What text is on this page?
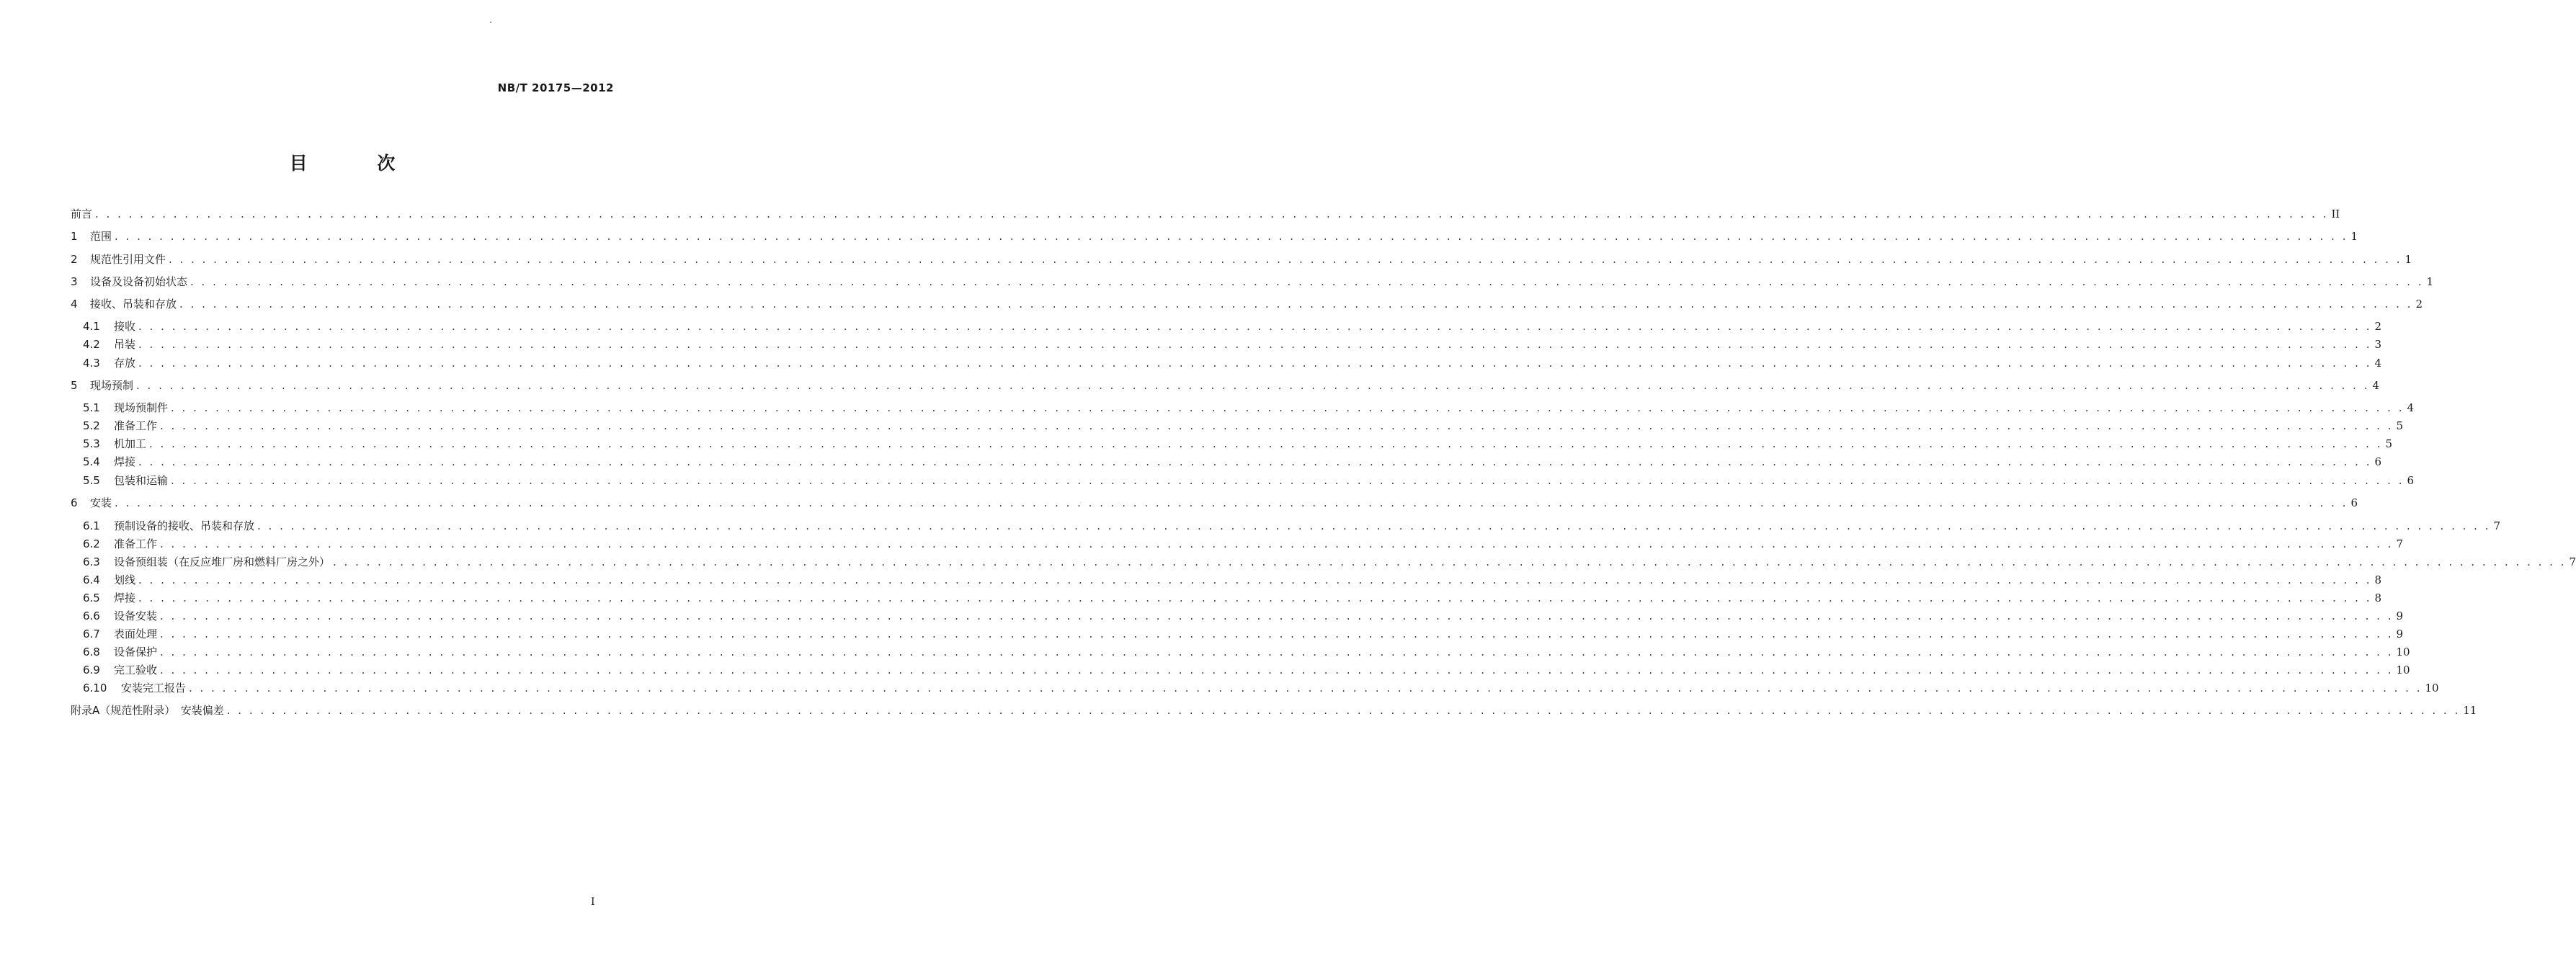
NB/T 20175—2012
目 次
前言 . . . . . . . . . . . . . . . . . . . . . . . . . . . . . . . . . . . . . . . . . . . . . . . . . . . . . . . . . . . . . . . . . . . . . . . . . . . . . . . . . . . . . . . . . . . . . . . . . . . . . . . . . . . . . . . . . . . . . . . . . . . . . . . . . . . . . . . . . . . . . . . . . . . . . . . . . . . . . . . . . . . . . . . . . . . . . . . . . . . . . . . . . . . . . . . . . . . . . . . . II
1	范围 . . . . . . . . . . . . . . . . . . . . . . . . . . . . . . . . . . . . . . . . . . . . . . . . . . . . . . . . . . . . . . . . . . . . . . . . . . . . . . . . . . . . . . . . . . . . . . . . . . . . . . . . . . . . . . . . . . . . . . . . . . . . . . . . . . . . . . . . . . . . . . . . . . . . . . . . . . . . . . . . . . . . . . . . . . . . . . . . . . . . . . . . . . . . . . . . . . . . . . . . 1
2	规范性引用文件 . . . . . . . . . . . . . . . . . . . . . . . . . . . . . . . . . . . . . . . . . . . . . . . . . . . . . . . . . . . . . . . . . . . . . . . . . . . . . . . . . . . . . . . . . . . . . . . . . . . . . . . . . . . . . . . . . . . . . . . . . . . . . . . . . . . . . . . . . . . . . . . . . . . . . . . . . . . . . . . . . . . . . . . . . . . . . . . . . . . . . . . . . . . . . . . . . . . . . . . . 1
3	设备及设备初始状态 . . . . . . . . . . . . . . . . . . . . . . . . . . . . . . . . . . . . . . . . . . . . . . . . . . . . . . . . . . . . . . . . . . . . . . . . . . . . . . . . . . . . . . . . . . . . . . . . . . . . . . . . . . . . . . . . . . . . . . . . . . . . . . . . . . . . . . . . . . . . . . . . . . . . . . . . . . . . . . . . . . . . . . . . . . . . . . . . . . . . . . . . . . . . . . . . . . . . . . . . 1
4	接收、吊装和存放 . . . . . . . . . . . . . . . . . . . . . . . . . . . . . . . . . . . . . . . . . . . . . . . . . . . . . . . . . . . . . . . . . . . . . . . . . . . . . . . . . . . . . . . . . . . . . . . . . . . . . . . . . . . . . . . . . . . . . . . . . . . . . . . . . . . . . . . . . . . . . . . . . . . . . . . . . . . . . . . . . . . . . . . . . . . . . . . . . . . . . . . . . . . . . . . . . . . . . . . . 2
4.1	接收 . . . . . . . . . . . . . . . . . . . . . . . . . . . . . . . . . . . . . . . . . . . . . . . . . . . . . . . . . . . . . . . . . . . . . . . . . . . . . . . . . . . . . . . . . . . . . . . . . . . . . . . . . . . . . . . . . . . . . . . . . . . . . . . . . . . . . . . . . . . . . . . . . . . . . . . . . . . . . . . . . . . . . . . . . . . . . . . . . . . . . . . . . . . . . . . . . . . . . . . . 2
4.2	吊装 . . . . . . . . . . . . . . . . . . . . . . . . . . . . . . . . . . . . . . . . . . . . . . . . . . . . . . . . . . . . . . . . . . . . . . . . . . . . . . . . . . . . . . . . . . . . . . . . . . . . . . . . . . . . . . . . . . . . . . . . . . . . . . . . . . . . . . . . . . . . . . . . . . . . . . . . . . . . . . . . . . . . . . . . . . . . . . . . . . . . . . . . . . . . . . . . . . . . . . . . 3
4.3	存放 . . . . . . . . . . . . . . . . . . . . . . . . . . . . . . . . . . . . . . . . . . . . . . . . . . . . . . . . . . . . . . . . . . . . . . . . . . . . . . . . . . . . . . . . . . . . . . . . . . . . . . . . . . . . . . . . . . . . . . . . . . . . . . . . . . . . . . . . . . . . . . . . . . . . . . . . . . . . . . . . . . . . . . . . . . . . . . . . . . . . . . . . . . . . . . . . . . . . . . . . 4
5	现场预制 . . . . . . . . . . . . . . . . . . . . . . . . . . . . . . . . . . . . . . . . . . . . . . . . . . . . . . . . . . . . . . . . . . . . . . . . . . . . . . . . . . . . . . . . . . . . . . . . . . . . . . . . . . . . . . . . . . . . . . . . . . . . . . . . . . . . . . . . . . . . . . . . . . . . . . . . . . . . . . . . . . . . . . . . . . . . . . . . . . . . . . . . . . . . . . . . . . . . . . . . 4
5.1	现场预制件 . . . . . . . . . . . . . . . . . . . . . . . . . . . . . . . . . . . . . . . . . . . . . . . . . . . . . . . . . . . . . . . . . . . . . . . . . . . . . . . . . . . . . . . . . . . . . . . . . . . . . . . . . . . . . . . . . . . . . . . . . . . . . . . . . . . . . . . . . . . . . . . . . . . . . . . . . . . . . . . . . . . . . . . . . . . . . . . . . . . . . . . . . . . . . . . . . . . . . . . . 4
5.2	准备工作 . . . . . . . . . . . . . . . . . . . . . . . . . . . . . . . . . . . . . . . . . . . . . . . . . . . . . . . . . . . . . . . . . . . . . . . . . . . . . . . . . . . . . . . . . . . . . . . . . . . . . . . . . . . . . . . . . . . . . . . . . . . . . . . . . . . . . . . . . . . . . . . . . . . . . . . . . . . . . . . . . . . . . . . . . . . . . . . . . . . . . . . . . . . . . . . . . . . . . . . . 5
5.3	机加工 . . . . . . . . . . . . . . . . . . . . . . . . . . . . . . . . . . . . . . . . . . . . . . . . . . . . . . . . . . . . . . . . . . . . . . . . . . . . . . . . . . . . . . . . . . . . . . . . . . . . . . . . . . . . . . . . . . . . . . . . . . . . . . . . . . . . . . . . . . . . . . . . . . . . . . . . . . . . . . . . . . . . . . . . . . . . . . . . . . . . . . . . . . . . . . . . . . . . . . . . 5
5.4	焊接 . . . . . . . . . . . . . . . . . . . . . . . . . . . . . . . . . . . . . . . . . . . . . . . . . . . . . . . . . . . . . . . . . . . . . . . . . . . . . . . . . . . . . . . . . . . . . . . . . . . . . . . . . . . . . . . . . . . . . . . . . . . . . . . . . . . . . . . . . . . . . . . . . . . . . . . . . . . . . . . . . . . . . . . . . . . . . . . . . . . . . . . . . . . . . . . . . . . . . . . . 6
5.5	包装和运输 . . . . . . . . . . . . . . . . . . . . . . . . . . . . . . . . . . . . . . . . . . . . . . . . . . . . . . . . . . . . . . . . . . . . . . . . . . . . . . . . . . . . . . . . . . . . . . . . . . . . . . . . . . . . . . . . . . . . . . . . . . . . . . . . . . . . . . . . . . . . . . . . . . . . . . . . . . . . . . . . . . . . . . . . . . . . . . . . . . . . . . . . . . . . . . . . . . . . . . . . 6
6	安装 . . . . . . . . . . . . . . . . . . . . . . . . . . . . . . . . . . . . . . . . . . . . . . . . . . . . . . . . . . . . . . . . . . . . . . . . . . . . . . . . . . . . . . . . . . . . . . . . . . . . . . . . . . . . . . . . . . . . . . . . . . . . . . . . . . . . . . . . . . . . . . . . . . . . . . . . . . . . . . . . . . . . . . . . . . . . . . . . . . . . . . . . . . . . . . . . . . . . . . . . 6
6.1	预制设备的接收、吊装和存放 . . . . . . . . . . . . . . . . . . . . . . . . . . . . . . . . . . . . . . . . . . . . . . . . . . . . . . . . . . . . . . . . . . . . . . . . . . . . . . . . . . . . . . . . . . . . . . . . . . . . . . . . . . . . . . . . . . . . . . . . . . . . . . . . . . . . . . . . . . . . . . . . . . . . . . . . . . . . . . . . . . . . . . . . . . . . . . . . . . . . . . . . . . . . . . . . . . . . . . . . 7
6.2	准备工作 . . . . . . . . . . . . . . . . . . . . . . . . . . . . . . . . . . . . . . . . . . . . . . . . . . . . . . . . . . . . . . . . . . . . . . . . . . . . . . . . . . . . . . . . . . . . . . . . . . . . . . . . . . . . . . . . . . . . . . . . . . . . . . . . . . . . . . . . . . . . . . . . . . . . . . . . . . . . . . . . . . . . . . . . . . . . . . . . . . . . . . . . . . . . . . . . . . . . . . . . 7
6.3	设备预组装（在反应堆厂房和燃料厂房之外） . . . . . . . . . . . . . . . . . . . . . . . . . . . . . . . . . . . . . . . . . . . . . . . . . . . . . . . . . . . . . . . . . . . . . . . . . . . . . . . . . . . . . . . . . . . . . . . . . . . . . . . . . . . . . . . . . . . . . . . . . . . . . . . . . . . . . . . . . . . . . . . . . . . . . . . . . . . . . . . . . . . . . . . . . . . . . . . . . . . . . . . . . . . . . . . . . . . . . . . . 7
6.4	划线 . . . . . . . . . . . . . . . . . . . . . . . . . . . . . . . . . . . . . . . . . . . . . . . . . . . . . . . . . . . . . . . . . . . . . . . . . . . . . . . . . . . . . . . . . . . . . . . . . . . . . . . . . . . . . . . . . . . . . . . . . . . . . . . . . . . . . . . . . . . . . . . . . . . . . . . . . . . . . . . . . . . . . . . . . . . . . . . . . . . . . . . . . . . . . . . . . . . . . . . . 8
6.5	焊接 . . . . . . . . . . . . . . . . . . . . . . . . . . . . . . . . . . . . . . . . . . . . . . . . . . . . . . . . . . . . . . . . . . . . . . . . . . . . . . . . . . . . . . . . . . . . . . . . . . . . . . . . . . . . . . . . . . . . . . . . . . . . . . . . . . . . . . . . . . . . . . . . . . . . . . . . . . . . . . . . . . . . . . . . . . . . . . . . . . . . . . . . . . . . . . . . . . . . . . . . 8
6.6	设备安装 . . . . . . . . . . . . . . . . . . . . . . . . . . . . . . . . . . . . . . . . . . . . . . . . . . . . . . . . . . . . . . . . . . . . . . . . . . . . . . . . . . . . . . . . . . . . . . . . . . . . . . . . . . . . . . . . . . . . . . . . . . . . . . . . . . . . . . . . . . . . . . . . . . . . . . . . . . . . . . . . . . . . . . . . . . . . . . . . . . . . . . . . . . . . . . . . . . . . . . . . 9
6.7	表面处理 . . . . . . . . . . . . . . . . . . . . . . . . . . . . . . . . . . . . . . . . . . . . . . . . . . . . . . . . . . . . . . . . . . . . . . . . . . . . . . . . . . . . . . . . . . . . . . . . . . . . . . . . . . . . . . . . . . . . . . . . . . . . . . . . . . . . . . . . . . . . . . . . . . . . . . . . . . . . . . . . . . . . . . . . . . . . . . . . . . . . . . . . . . . . . . . . . . . . . . . . 9
6.8	设备保护 . . . . . . . . . . . . . . . . . . . . . . . . . . . . . . . . . . . . . . . . . . . . . . . . . . . . . . . . . . . . . . . . . . . . . . . . . . . . . . . . . . . . . . . . . . . . . . . . . . . . . . . . . . . . . . . . . . . . . . . . . . . . . . . . . . . . . . . . . . . . . . . . . . . . . . . . . . . . . . . . . . . . . . . . . . . . . . . . . . . . . . . . . . . . . . . . . . . . . . . . 10
6.9	完工验收 . . . . . . . . . . . . . . . . . . . . . . . . . . . . . . . . . . . . . . . . . . . . . . . . . . . . . . . . . . . . . . . . . . . . . . . . . . . . . . . . . . . . . . . . . . . . . . . . . . . . . . . . . . . . . . . . . . . . . . . . . . . . . . . . . . . . . . . . . . . . . . . . . . . . . . . . . . . . . . . . . . . . . . . . . . . . . . . . . . . . . . . . . . . . . . . . . . . . . . . . 10
6.10	安装完工报告 . . . . . . . . . . . . . . . . . . . . . . . . . . . . . . . . . . . . . . . . . . . . . . . . . . . . . . . . . . . . . . . . . . . . . . . . . . . . . . . . . . . . . . . . . . . . . . . . . . . . . . . . . . . . . . . . . . . . . . . . . . . . . . . . . . . . . . . . . . . . . . . . . . . . . . . . . . . . . . . . . . . . . . . . . . . . . . . . . . . . . . . . . . . . . . . . . . . . . . . . 10
附录A（规范性附录）　安装偏差 . . . . . . . . . . . . . . . . . . . . . . . . . . . . . . . . . . . . . . . . . . . . . . . . . . . . . . . . . . . . . . . . . . . . . . . . . . . . . . . . . . . . . . . . . . . . . . . . . . . . . . . . . . . . . . . . . . . . . . . . . . . . . . . . . . . . . . . . . . . . . . . . . . . . . . . . . . . . . . . . . . . . . . . . . . . . . . . . . . . . . . . . . . . . . . . . . . . . . . . . 11
I
